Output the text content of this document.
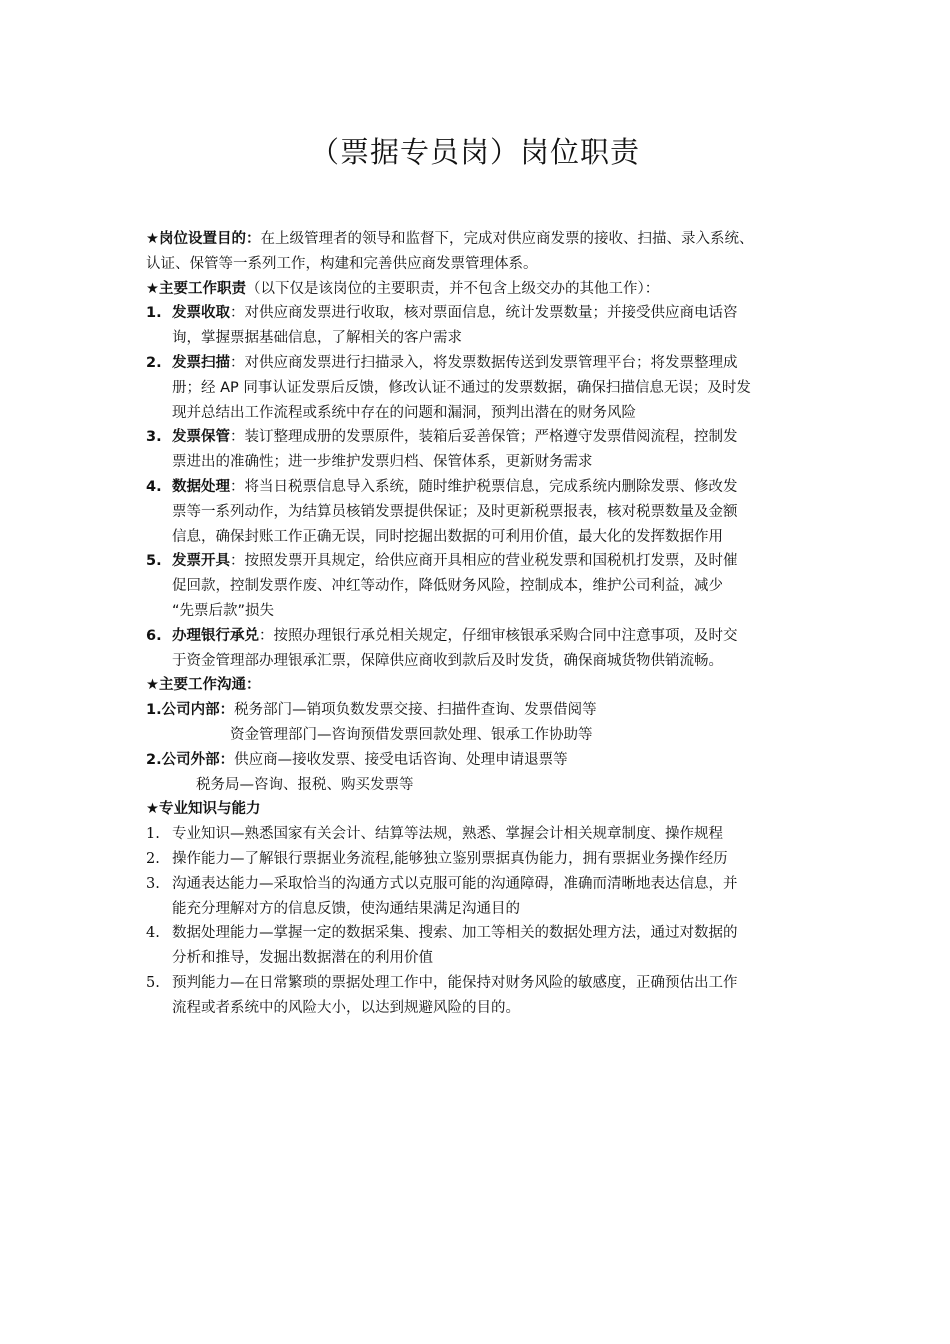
（票据专员岗）岗位职责
★岗位设置目的：在上级管理者的领导和监督下，完成对供应商发票的接收、扫描、录入系统、
认证、保管等一系列工作，构建和完善供应商发票管理体系。
★主要工作职责（以下仅是该岗位的主要职责，并不包含上级交办的其他工作）：
1. 发票收取：对供应商发票进行收取，核对票面信息，统计发票数量；并接受供应商电话咨
询，掌握票据基础信息，了解相关的客户需求
2. 发票扫描：对供应商发票进行扫描录入，将发票数据传送到发票管理平台；将发票整理成
册；经 AP 同事认证发票后反馈，修改认证不通过的发票数据，确保扫描信息无误；及时发
现并总结出工作流程或系统中存在的问题和漏洞，预判出潜在的财务风险
3. 发票保管：装订整理成册的发票原件，装箱后妥善保管；严格遵守发票借阅流程，控制发
票进出的准确性；进一步维护发票归档、保管体系，更新财务需求
4. 数据处理：将当日税票信息导入系统，随时维护税票信息，完成系统内删除发票、修改发
票等一系列动作，为结算员核销发票提供保证；及时更新税票报表，核对税票数量及金额
信息，确保封账工作正确无误，同时挖掘出数据的可利用价值，最大化的发挥数据作用
5. 发票开具：按照发票开具规定，给供应商开具相应的营业税发票和国税机打发票，及时催
促回款，控制发票作废、冲红等动作，降低财务风险，控制成本，维护公司利益，减少
“先票后款”损失
6. 办理银行承兑：按照办理银行承兑相关规定，仔细审核银承采购合同中注意事项，及时交
于资金管理部办理银承汇票，保障供应商收到款后及时发货，确保商城货物供销流畅。
★主要工作沟通：
1.公司内部：税务部门—销项负数发票交接、扫描件查询、发票借阅等
资金管理部门—咨询预借发票回款处理、银承工作协助等
2.公司外部：供应商—接收发票、接受电话咨询、处理申请退票等
税务局—咨询、报税、购买发票等
★专业知识与能力
1. 专业知识—熟悉国家有关会计、结算等法规，熟悉、掌握会计相关规章制度、操作规程
2. 操作能力—了解银行票据业务流程,能够独立鉴别票据真伪能力，拥有票据业务操作经历
3. 沟通表达能力—采取恰当的沟通方式以克服可能的沟通障碍，准确而清晰地表达信息，并
能充分理解对方的信息反馈，使沟通结果满足沟通目的
4. 数据处理能力—掌握一定的数据采集、搜索、加工等相关的数据处理方法，通过对数据的
分析和推导，发掘出数据潜在的利用价值
5. 预判能力—在日常繁琐的票据处理工作中，能保持对财务风险的敏感度，正确预估出工作
流程或者系统中的风险大小，以达到规避风险的目的。
